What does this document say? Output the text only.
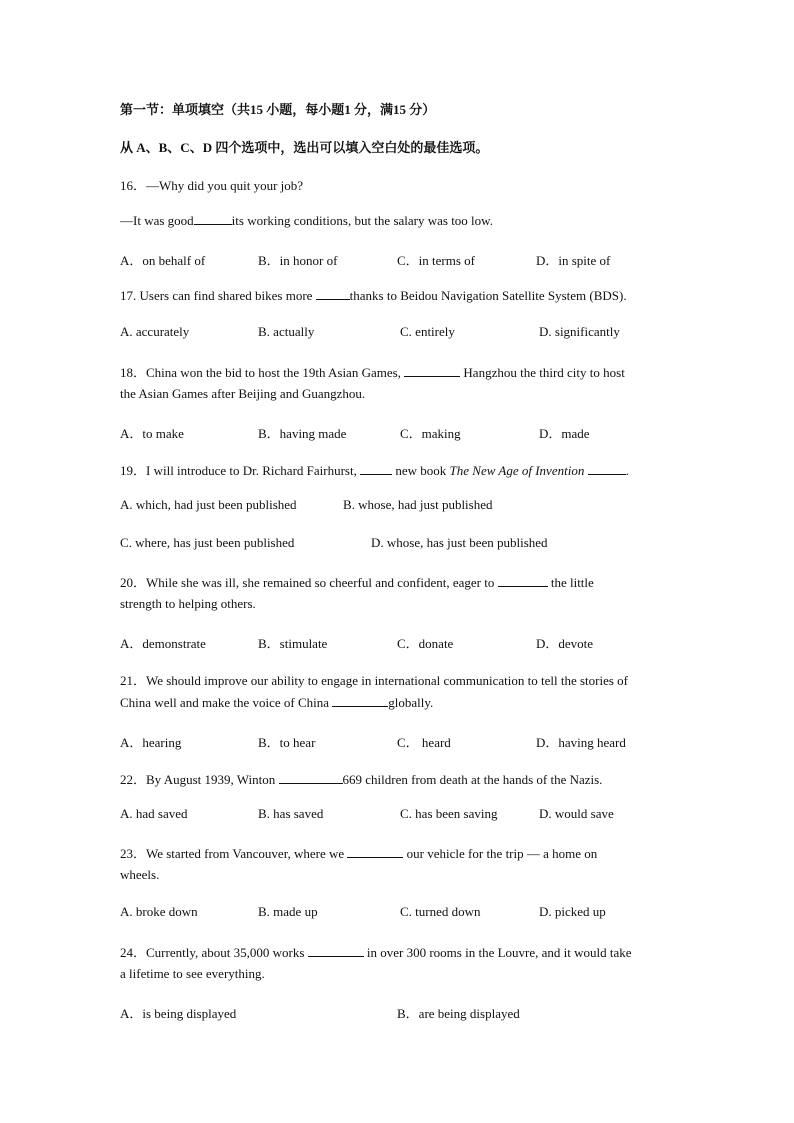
第一节：单项填空（共15 小题，每小题1 分，满15 分）
从 A、B、C、D 四个选项中，选出可以填入空白处的最佳选项。
16．—Why did you quit your job?
—It was good	its working conditions, but the salary was too low.
A．on behalf of	B．in honor of	C．in terms of	D．in spite of
17. Users can find shared bikes more	thanks to Beidou Navigation Satellite System (BDS).
A. accurately	B. actually	C. entirely	D. significantly
18．China won the bid to host the 19th Asian Games,	Hangzhou the third city to host
the Asian Games after Beijing and Guangzhou.
A．to make	B．having made	C．making	D．made
19．I will introduce to Dr. Richard Fairhurst,  new book The New Age of Invention	.
A. which, had just been published	B. whose, had just published
C. where, has just been published	D. whose, has just been published
20．While she was ill, she remained so cheerful and confident, eager to	the little
strength to helping others.
A．demonstrate	B．stimulate	C．donate	D．devote
21．We should improve our ability to engage in international communication to tell the stories of
China well and make the voice of China	globally.
A．hearing	B．to hear	C． heard	D．having heard
22．By August 1939, Winton	669 children from death at the hands of the Nazis.
A. had saved	B. has saved	C. has been saving	D. would save
23．We started from Vancouver, where we	our vehicle for the trip — a home on
wheels.
A. broke down	B. made up	C. turned down	D. picked up
24．Currently, about 35,000 works	in over 300 rooms in the Louvre, and it would take
a lifetime to see everything.
A．is being displayed	B．are being displayed
